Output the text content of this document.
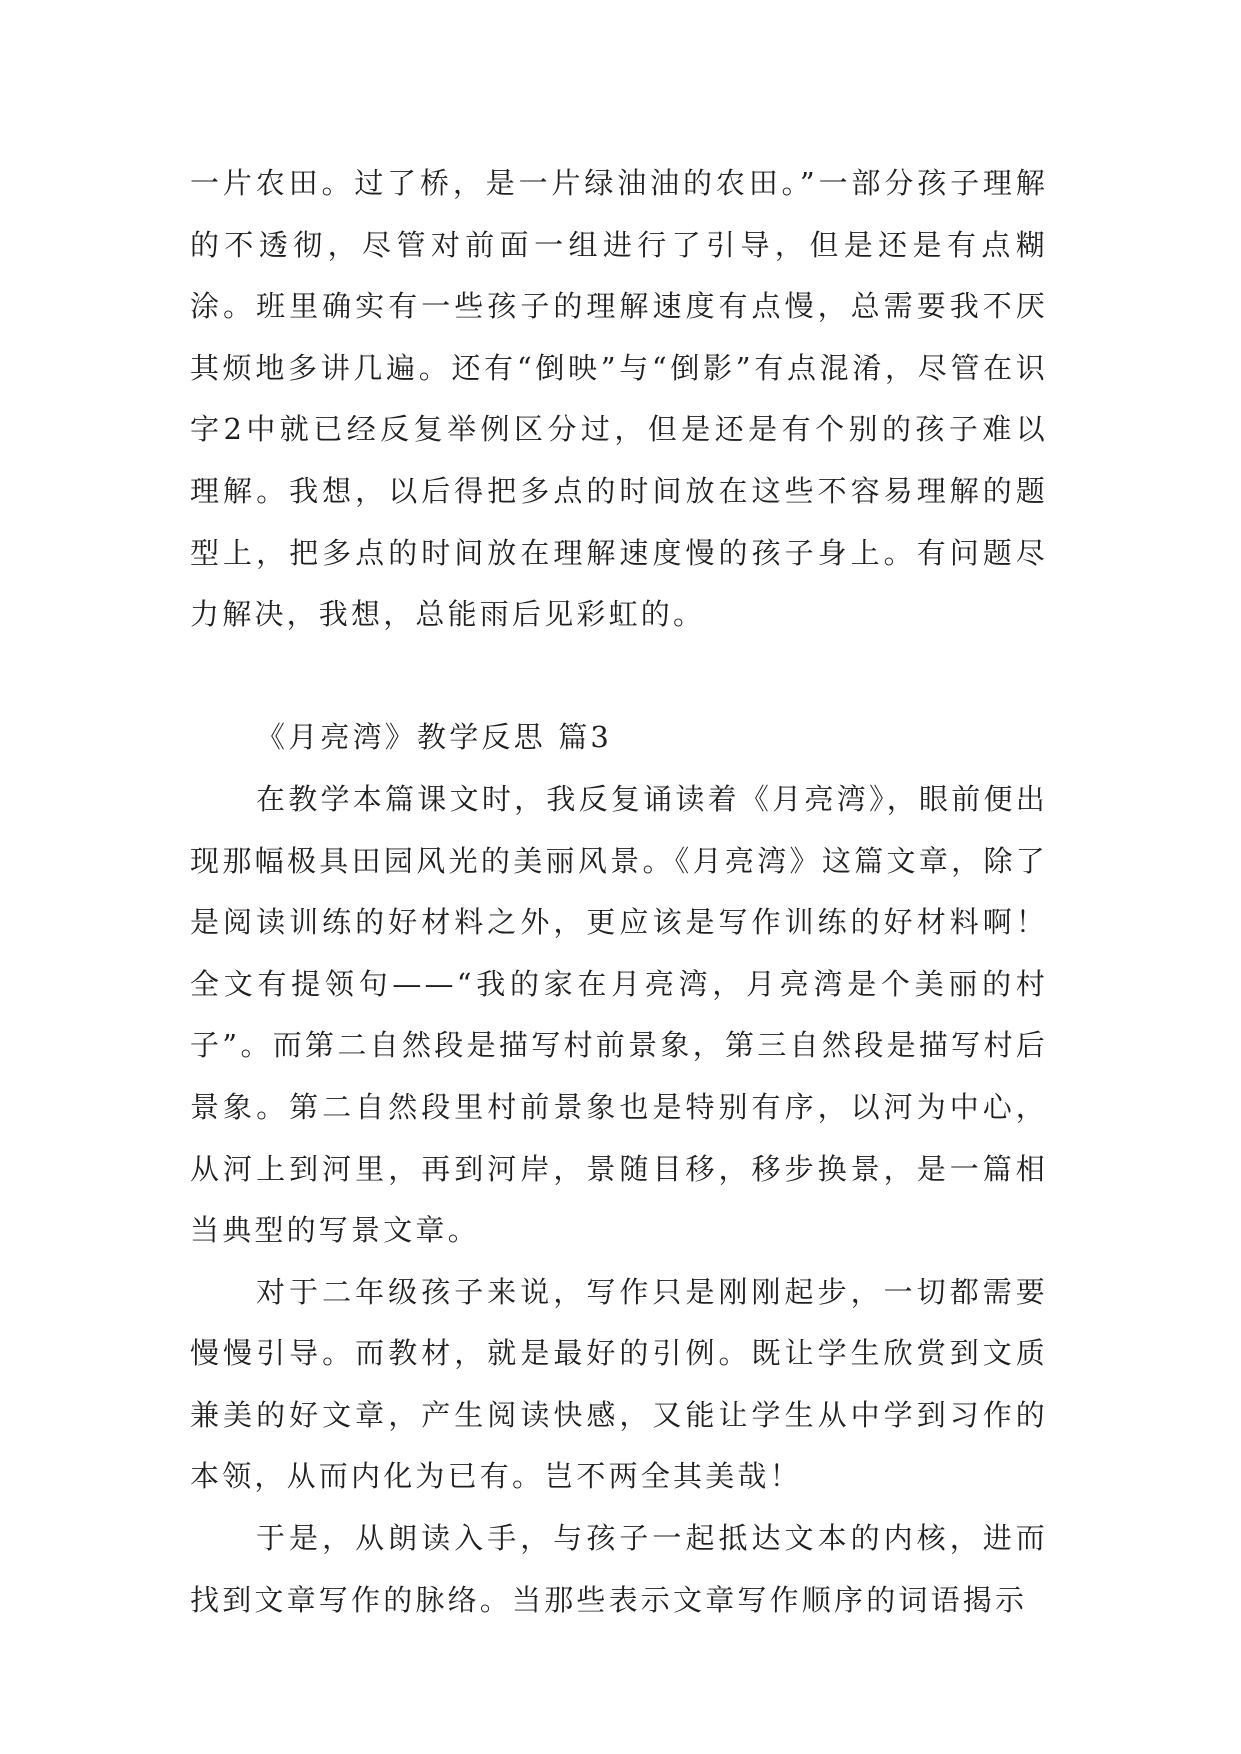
一片农田。过了桥，是一片绿油油的农田。”一部分孩子理解的不透彻，尽管对前面一组进行了引导，但是还是有点糊涂。班里确实有一些孩子的理解速度有点慢，总需要我不厌其烦地多讲几遍。还有“倒映”与“倒影”有点混淆，尽管在识字2中就已经反复举例区分过，但是还是有个别的孩子难以理解。我想，以后得把多点的时间放在这些不容易理解的题型上，把多点的时间放在理解速度慢的孩子身上。有问题尽力解决，我想，总能雨后见彩虹的。

《月亮湾》教学反思 篇3

在教学本篇课文时，我反复诵读着《月亮湾》，眼前便出现那幅极具田园风光的美丽风景。《月亮湾》这篇文章，除了是阅读训练的好材料之外，更应该是写作训练的好材料啊！全文有提领句——“我的家在月亮湾，月亮湾是个美丽的村子”。而第二自然段是描写村前景象，第三自然段是描写村后景象。第二自然段里村前景象也是特别有序，以河为中心，从河上到河里，再到河岸，景随目移，移步换景，是一篇相当典型的写景文章。

对于二年级孩子来说，写作只是刚刚起步，一切都需要慢慢引导。而教材，就是最好的引例。既让学生欣赏到文质兼美的好文章，产生阅读快感，又能让学生从中学到习作的本领，从而内化为已有。岂不两全其美哉！

于是，从朗读入手，与孩子一起抵达文本的内核，进而找到文章写作的脉络。当那些表示文章写作顺序的词语揭示
